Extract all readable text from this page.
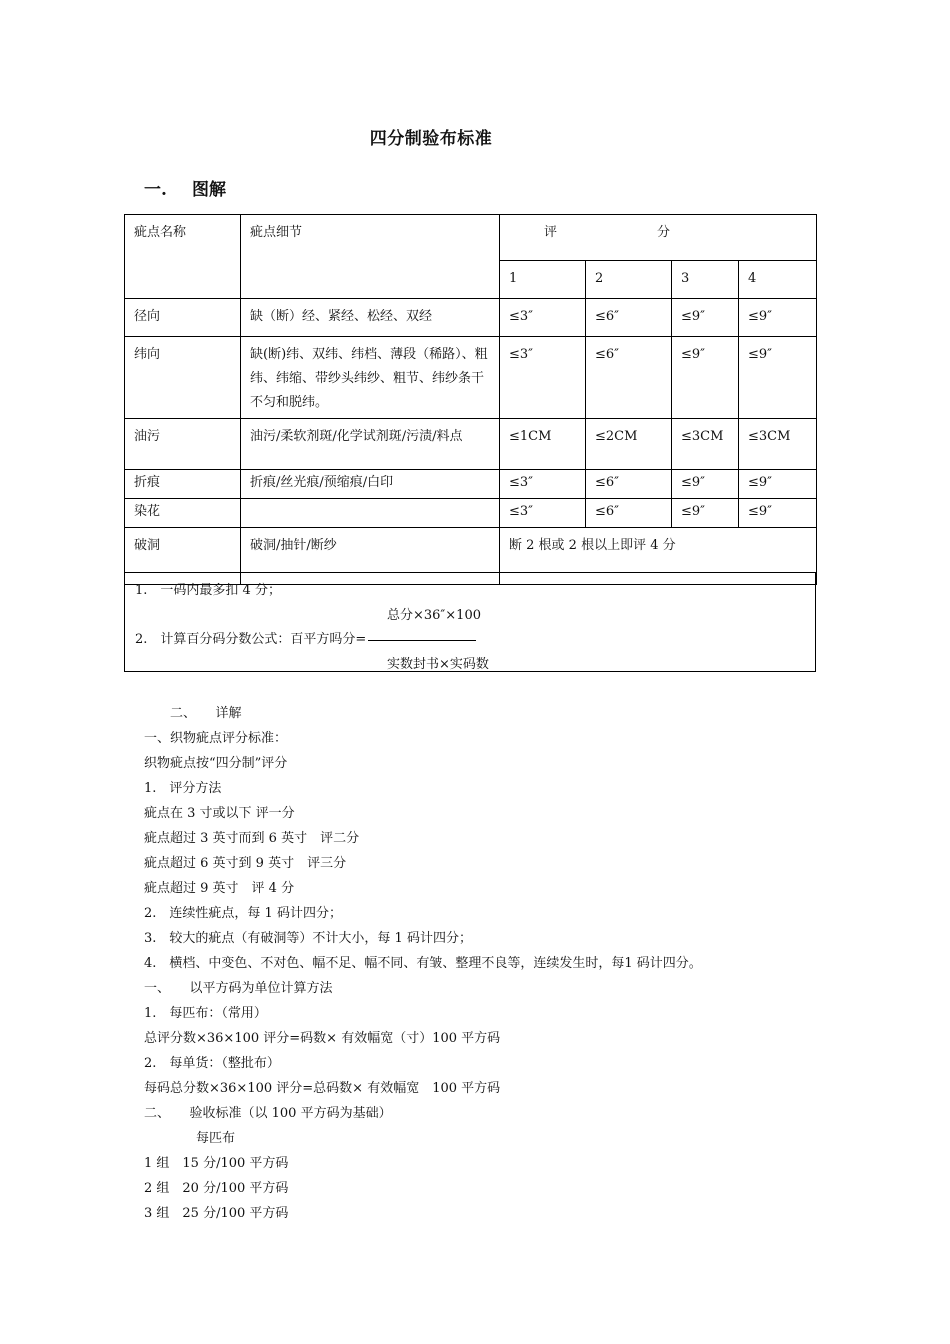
四分制验布标准
一. 图解
疵点名称	疵点细节	评 分			
		1	2	3	4
径向	缺（断）经、紧经、松经、双经	≤3″	≤6″	≤9″	≤9″
纬向	缺(断)纬、双纬、纬档、薄段（稀路）、粗纬、纬缩、带纱头纬纱、粗节、纬纱条干不匀和脱纬。	≤3″	≤6″	≤9″	≤9″
油污	油污/柔软剂斑/化学试剂斑/污渍/料点	≤1CM	≤2CM	≤3CM	≤3CM
折痕	折痕/丝光痕/预缩痕/白印	≤3″	≤6″	≤9″	≤9″
染花		≤3″	≤6″	≤9″	≤9″
破洞	破洞/抽针/断纱	断 2 根或 2 根以上即评 4 分			
1.　一码内最多扣 4 分；
总分×36″×100
2.　计算百分码分数公式：百平方吗分=
实数封书×实码数
　　二、　　详解
一、织物疵点评分标准：
织物疵点按“四分制”评分
1.　评分方法
疵点在 3 寸或以下 评一分
疵点超过 3 英寸而到 6 英寸　评二分
疵点超过 6 英寸到 9 英寸　评三分
疵点超过 9 英寸　评 4 分
2.　连续性疵点，每 1 码计四分；
3.　较大的疵点（有破洞等）不计大小，每 1 码计四分；
4.　横档、中变色、不对色、幅不足、幅不同、有皱、整理不良等，连续发生时，每1 码计四分。
一、　　以平方码为单位计算方法
1.　每匹布：（常用）
总评分数×36×100 评分=码数× 有效幅宽（寸）100 平方码
2.　每单货：（整批布）
每码总分数×36×100 评分=总码数× 有效幅宽　100 平方码
二、　　验收标准（以 100 平方码为基础）
　　　　每匹布
1 组　15 分/100 平方码
2 组　20 分/100 平方码
3 组　25 分/100 平方码
